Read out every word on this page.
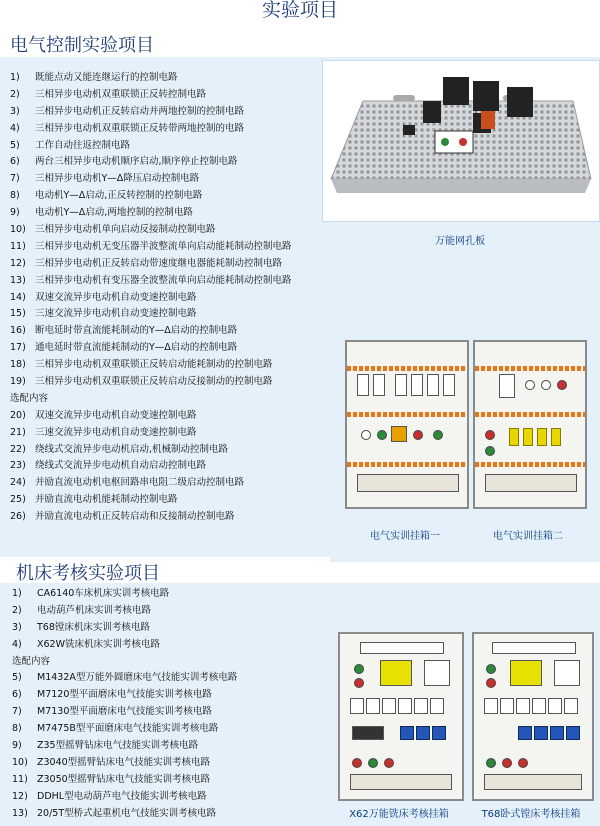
实验项目
电气控制实验项目
机床考核实验项目
1) 既能点动又能连继运行的控制电路
2) 三相异步电动机双重联锁正反转控制电路
3) 三相异步电动机正反转启动并两地控制的控制电路
4) 三相异步电动机双重联锁正反转带两地控制的电路
5) 工作自动往返控制电路
6) 两台三相异步电动机顺序启动,顺序停止控制电路
7) 三相异步电动机Y—Δ降压启动控制电路
8) 电动机Y—Δ启动,正反转控制的控制电路
9) 电动机Y—Δ启动,两地控制的控制电路
10) 三相异步电动机单向启动反接制动控制电路
11) 三相异步电动机无变压器半波整流单向启动能耗制动控制电路
12) 三相异步电动机正反转启动带速度继电器能耗制动控制电路
13) 三相异步电动机有变压器全波整流单向启动能耗制动控制电路
14) 双速交流异步电动机自动变速控制电路
15) 三速交流异步电动机自动变速控制电路
16) 断电延时带直流能耗制动的Y—Δ启动的控制电路
17) 通电延时带直流能耗制动的Y—Δ启动的控制电路
18) 三相异步电动机双重联锁正反转启动能耗制动的控制电路
19) 三相异步电动机双重联锁正反转启动反接制动的控制电路
选配内容
20) 双速交流异步电动机自动变速控制电路
21) 三速交流异步电动机自动变速控制电路
22) 绕线式交流异步电动机启动,机械制动控制电路
23) 绕线式交流异步电动机自动启动控制电路
24) 并励直流电动机电枢回路串电阻二级启动控制电路
25) 并励直流电动机能耗制动控制电路
26) 并励直流电动机正反转启动和反接制动控制电路
1) CA6140车床机床实训考核电路
2) 电动葫芦机床实训考核电路
3) T68镗床机床实训考核电路
4) X62W铣床机床实训考核电路
选配内容
5) M1432A型万能外圆磨床电气技能实训考核电路
6) M7120型平面磨床电气技能实训考核电路
7) M7130型平面磨床电气技能实训考核电路
8) M7475B型平面磨床电气技能实训考核电路
9) Z35型摇臂钻床电气技能实训考核电路
10) Z3040型摇臂钻床电气技能实训考核电路
11) Z3050型摇臂钻床电气技能实训考核电路
12) DDHL型电动葫芦电气技能实训考核电路
13) 20/5T型桥式起重机电气技能实训考核电路
万能网孔板
电气实训挂箱一	电气实训挂箱二
X62万能铣床考核挂箱	T68卧式镗床考核挂箱
